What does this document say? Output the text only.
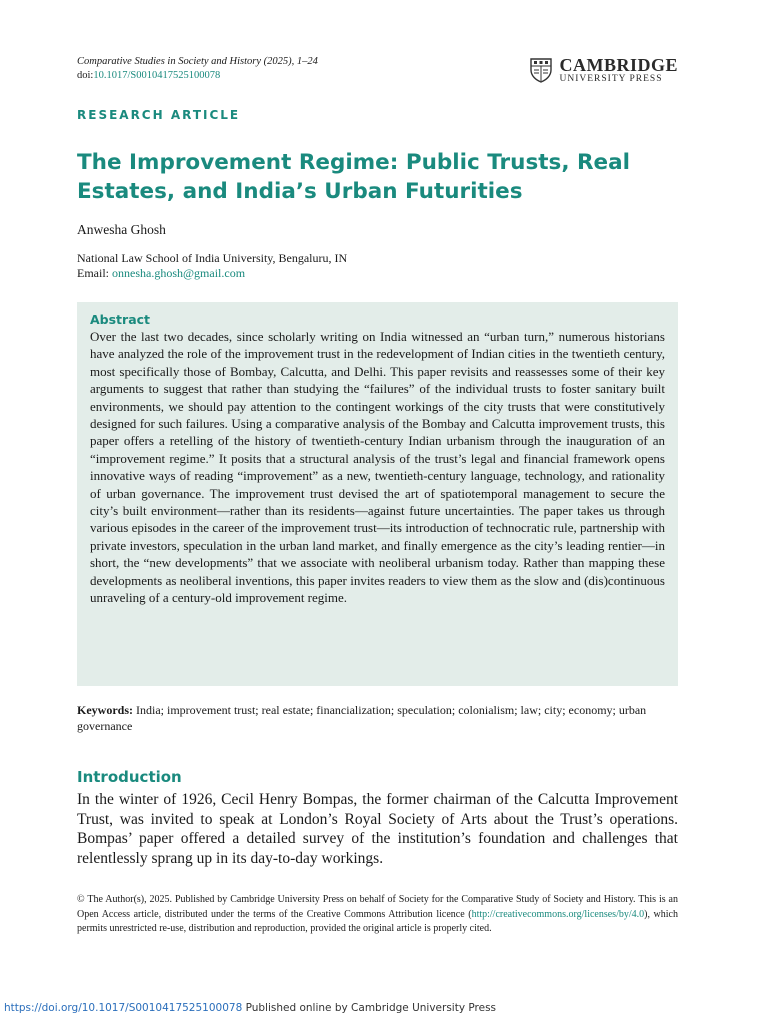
Comparative Studies in Society and History (2025), 1–24
doi:10.1017/S0010417525100078
CAMBRIDGE
UNIVERSITY PRESS
RESEARCH ARTICLE
The Improvement Regime: Public Trusts, Real Estates, and India’s Urban Futurities
Anwesha Ghosh
National Law School of India University, Bengaluru, IN
Email: onnesha.ghosh@gmail.com
Abstract

Over the last two decades, since scholarly writing on India witnessed an “urban turn,” numerous historians have analyzed the role of the improvement trust in the redevelopment of Indian cities in the twentieth century, most specifically those of Bombay, Calcutta, and Delhi. This paper revisits and reassesses some of their key arguments to suggest that rather than studying the “failures” of the individual trusts to foster sanitary built environments, we should pay attention to the contingent workings of the city trusts that were constitutively designed for such failures. Using a comparative analysis of the Bombay and Calcutta improvement trusts, this paper offers a retelling of the history of twentieth-century Indian urbanism through the inauguration of an “improvement regime.” It posits that a structural analysis of the trust’s legal and financial framework opens innovative ways of reading “improvement” as a new, twentieth-century language, technology, and rationality of urban governance. The improvement trust devised the art of spatiotemporal management to secure the city’s built environment—rather than its residents—against future uncertainties. The paper takes us through various episodes in the career of the improvement trust—its introduction of technocratic rule, partnership with private investors, speculation in the urban land market, and finally emergence as the city’s leading rentier—in short, the “new developments” that we associate with neoliberal urbanism today. Rather than mapping these developments as neoliberal inventions, this paper invites readers to view them as the slow and (dis)continuous unraveling of a century-old improvement regime.

Keywords: India; improvement trust; real estate; financialization; speculation; colonialism; law; city; economy; urban governance

Introduction

In the winter of 1926, Cecil Henry Bompas, the former chairman of the Calcutta Improvement Trust, was invited to speak at London’s Royal Society of Arts about the Trust’s operations. Bompas’ paper offered a detailed survey of the institution’s foundation and challenges that relentlessly sprang up in its day-to-day workings.

© The Author(s), 2025. Published by Cambridge University Press on behalf of Society for the Comparative Study of Society and History. This is an Open Access article, distributed under the terms of the Creative Commons Attribution licence (http://creativecommons.org/licenses/by/4.0), which permits unrestricted re-use, distribution and reproduction, provided the original article is properly cited.

https://doi.org/10.1017/S0010417525100078 Published online by Cambridge University Press
